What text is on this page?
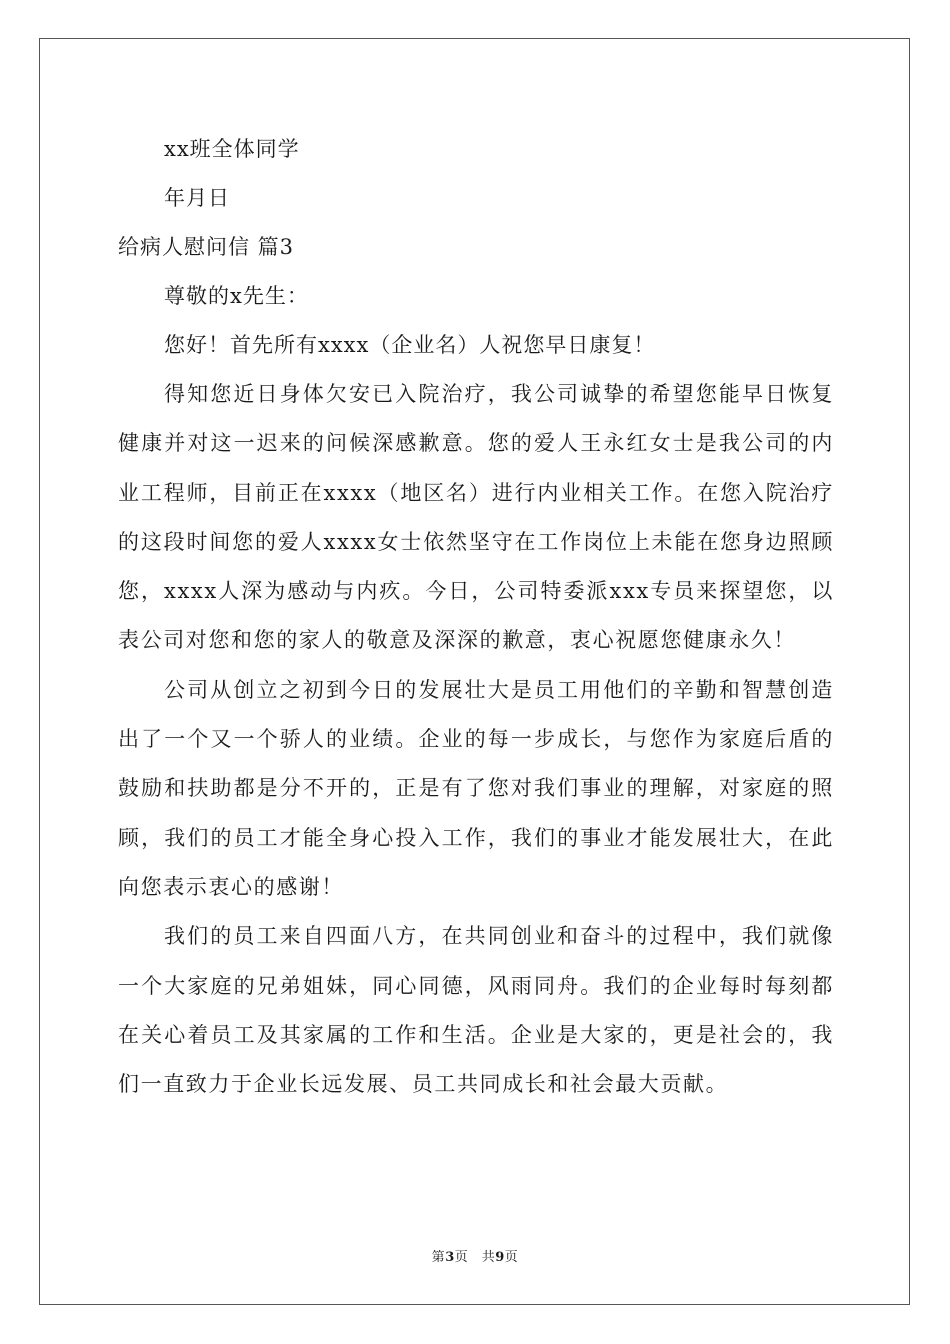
xx班全体同学
年月日
给病人慰问信 篇3
尊敬的x先生：
您好！首先所有xxxx（企业名）人祝您早日康复！

得知您近日身体欠安已入院治疗，我公司诚挚的希望您能早日恢复健康并对这一迟来的问候深感歉意。您的爱人王永红女士是我公司的内业工程师，目前正在xxxx（地区名）进行内业相关工作。在您入院治疗的这段时间您的爱人xxxx女士依然坚守在工作岗位上未能在您身边照顾您，xxxx人深为感动与内疚。今日，公司特委派xxx专员来探望您，以表公司对您和您的家人的敬意及深深的歉意，衷心祝愿您健康永久！

公司从创立之初到今日的发展壮大是员工用他们的辛勤和智慧创造出了一个又一个骄人的业绩。企业的每一步成长，与您作为家庭后盾的鼓励和扶助都是分不开的，正是有了您对我们事业的理解，对家庭的照顾，我们的员工才能全身心投入工作，我们的事业才能发展壮大，在此向您表示衷心的感谢！

我们的员工来自四面八方，在共同创业和奋斗的过程中，我们就像一个大家庭的兄弟姐妹，同心同德，风雨同舟。我们的企业每时每刻都在关心着员工及其家属的工作和生活。企业是大家的，更是社会的，我们一直致力于企业长远发展、员工共同成长和社会最大贡献。

第3页　共9页
